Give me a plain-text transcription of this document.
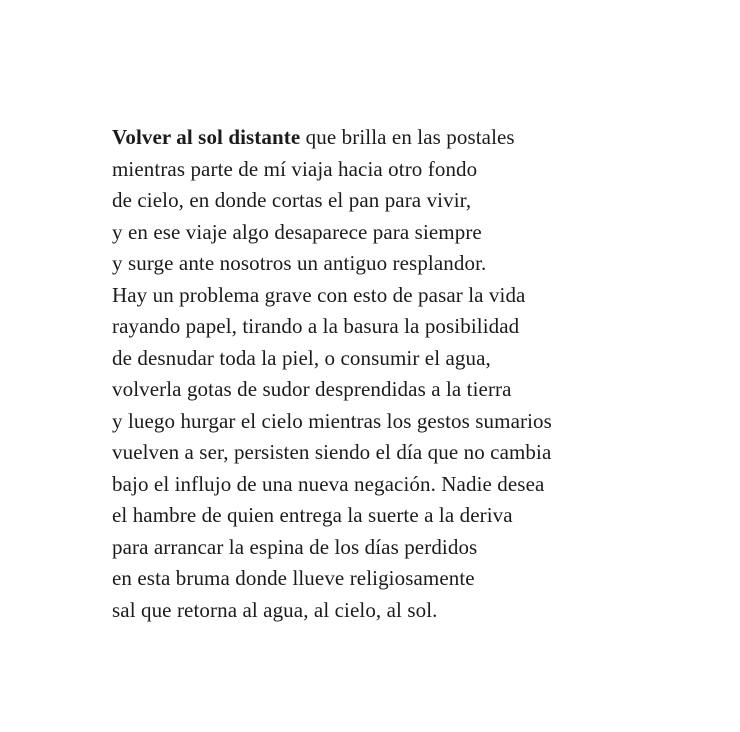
Volver al sol distante que brilla en las postales
mientras parte de mí viaja hacia otro fondo
de cielo, en donde cortas el pan para vivir,
y en ese viaje algo desaparece para siempre
y surge ante nosotros un antiguo resplandor.
Hay un problema grave con esto de pasar la vida
rayando papel, tirando a la basura la posibilidad
de desnudar toda la piel, o consumir el agua,
volverla gotas de sudor desprendidas a la tierra
y luego hurgar el cielo mientras los gestos sumarios
vuelven a ser, persisten siendo el día que no cambia
bajo el influjo de una nueva negación. Nadie desea
el hambre de quien entrega la suerte a la deriva
para arrancar la espina de los días perdidos
en esta bruma donde llueve religiosamente
sal que retorna al agua, al cielo, al sol.
